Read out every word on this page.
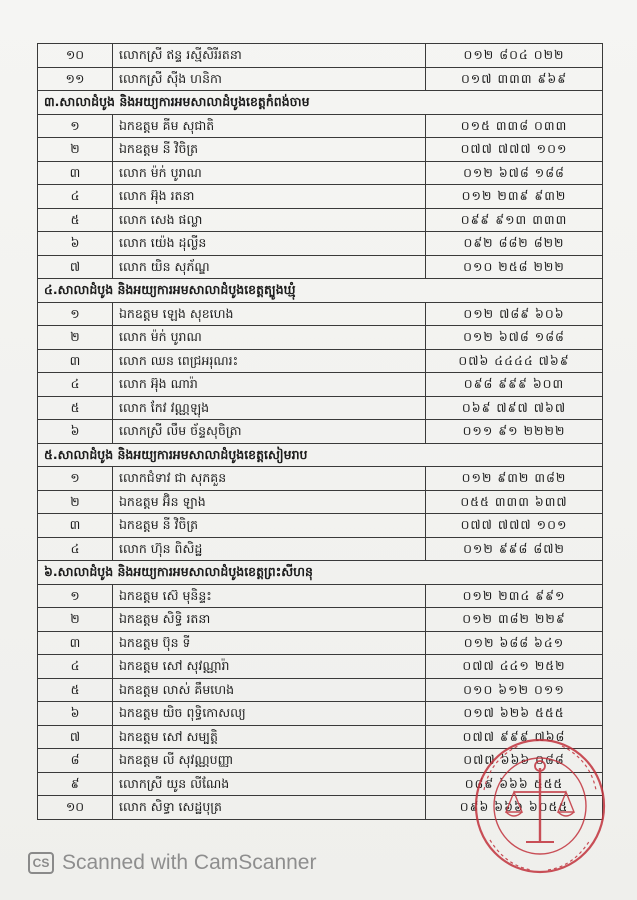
១០	លោកស្រី ឥន្ទ រស្មីសិរីរតនា	០១២ ៨០៤ ០២២
១១	លោកស្រី ស៊ីង ហនិកា	០១៧ ៣៣៣ ៩៦៩
៣.សាលាដំបូង និងអយ្យការអមសាលាដំបូងខេត្តកំពង់ចាម		
១	ឯកឧត្តម គីម សុជាតិ	០១៥ ៣៣៨ ០៣៣
២	ឯកឧត្តម នី វិចិត្រ	០៧៧ ៧៧៧ ១០១
៣	លោក ម៉ក់ បូរាណ	០១២ ៦៧៨ ១៨៨
៤	លោក អ៊ុង រតនា	០១២ ២៣៩ ៩៣២
៥	លោក សេង ផល្លា	០៩៩ ៩១៣ ៣៣៣
៦	លោក យ៉េង ដុល្លីន	០៩២ ៨៨២ ៨២២
៧	លោក យិន សុភ័ណ្ឌ	០១០ ២៥៨ ២២២
៤.សាលាដំបូង និងអយ្យការអមសាលាដំបូងខេត្តត្បូងឃ្មុំ		
១	ឯកឧត្តម ឡេង សុខហេង	០១២ ៧៨៩ ៦០៦
២	លោក ម៉ក់ បូរាណ	០១២ ៦៧៨ ១៨៨
៣	លោក ឈន ពេជ្រអរុណរះ	០៧៦ ៤៤៤៤ ៧៦៩
៤	លោក អ៊ុង ណារ៉ា	០៩៨ ៩៩៩ ៦០៣
៥	លោក កែវ វណ្ណឡុង	០៦៩ ៧៩៧ ៧៦៧
៦	លោកស្រី លឹម ច័ន្ទសុចិត្រា	០១១ ៩១ ២២២២
៥.សាលាដំបូង និងអយ្យការអមសាលាដំបូងខេត្តសៀមរាប		
១	លោកជំទាវ ជា សុភគួន	០១២ ៩៣២ ៣៨២
២	ឯកឧត្តម អ៊ិន ឡាង	០៥៥ ៣៣៣ ៦៣៧
៣	ឯកឧត្តម នី វិចិត្រ	០៧៧ ៧៧៧ ១០១
៤	លោក ហ៊ុន ពិសិដ្ឋ	០១២ ៩៩៨ ៨៧២
៦.សាលាដំបូង និងអយ្យការអមសាលាដំបូងខេត្តព្រះសីហនុ		
១	ឯកឧត្តម ស៊េ មុនិន្ទះ	០១២ ២៣៤ ៩៩១
២	ឯកឧត្តម សិទ្ធិ រតនា	០១២ ៣៨២ ២២៩
៣	ឯកឧត្តម ប៊ុន ទី	០១២ ៦៨៨ ៦៤១
៤	ឯកឧត្តម សៅ សុវណ្ណារ៉ា	០៧៧ ៤៤១ ២៥២
៥	ឯកឧត្តម លាស់ គឹមហេង	០១០ ៦១២ ០១១
៦	ឯកឧត្តម យិច ពុទ្ធិកោសល្យ	០១៧ ៦២៦ ៥៥៥
៧	ឯកឧត្តម សៅ សម្បត្តិ	០៧៧ ៩៩៩ ៧៦៨
៨	ឯកឧត្តម លី សុវណ្ណបញ្ញា	០៧៧ ៦៦៦ ០៨៨
៩	លោកស្រី យូន លីណែង	០៨៩ ៦៦៦ ៥៥៥
១០	លោក សិទ្ធា សេដ្ឋបុត្រ	០៩៦ ៦៦៦ ៦០៥៥
CS Scanned with CamScanner
